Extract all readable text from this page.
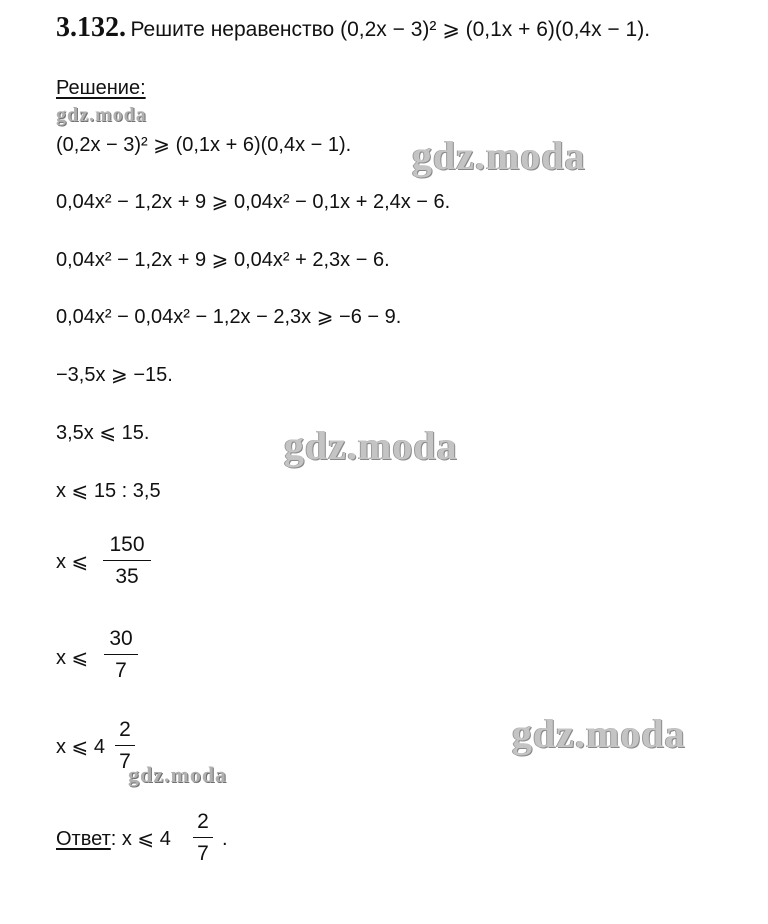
3.132. Решите неравенство (0,2x − 3)² ⩾ (0,1x + 6)(0,4x − 1).
Решение:
(0,2x − 3)² ⩾ (0,1x + 6)(0,4x − 1).
0,04x² − 1,2x + 9 ⩾ 0,04x² − 0,1x + 2,4x − 6.
0,04x² − 1,2x + 9 ⩾ 0,04x² + 2,3x − 6.
0,04x² − 0,04x² − 1,2x − 2,3x ⩾ −6 − 9.
−3,5x ⩾ −15.
3,5x ⩽ 15.
x ⩽ 15 : 3,5
x ⩽
150
35
x ⩽
30
7
x ⩽ 4
2
7
Ответ: x ⩽ 4
2
7
.
gdz.moda
gdz.moda
gdz.moda
gdz.moda
gdz.moda
